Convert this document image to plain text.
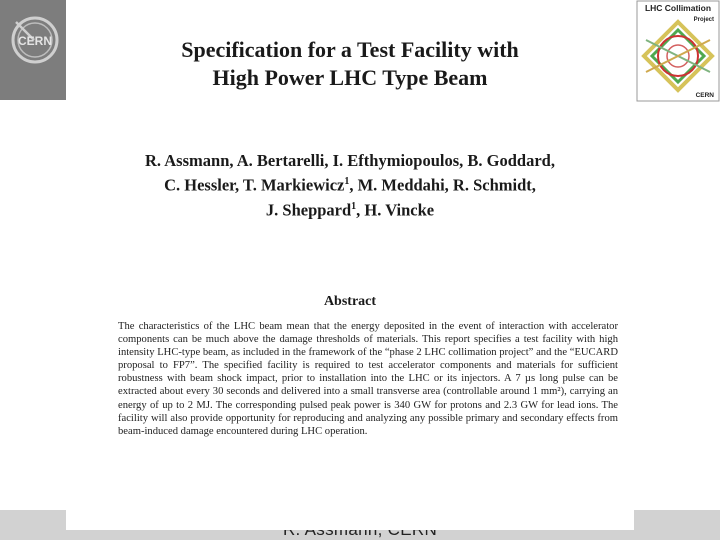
CERN	Specification for a Test Facility with
High Power LHC Type Beam
R. Assmann, A. Bertarelli, I. Efthymiopoulos, B. Goddard,
C. Hessler, T. Markiewicz$^1$, M. Meddahi, R. Schmidt,
J. Sheppard$^1$, H. Vincke
Abstract
The characteristics of the LHC beam mean that the energy deposited in the event of interaction with accelerator components can be much above the damage thresholds of materials. This report specifies a test facility with high intensity LHC-type beam, as included in the framework of the “phase 2 LHC collimation project” and the “EUCARD proposal to FP7”. The specified facility is required to test accelerator components and materials for sufficient robustness with beam shock impact, prior to installation into the LHC or its injectors. A 7 µs long pulse can be extracted about every 30 seconds and delivered into a small transverse area (controllable around 1 mm²), carrying an energy of up to 2 MJ. The corresponding pulsed peak power is 340 GW for protons and 2.3 GW for lead ions. The facility will also provide opportunity for reproducing and analyzing any possible primary and secondary effects from beam-induced damage encountered during LHC operation.
LHC Collimation
Project
CERN
